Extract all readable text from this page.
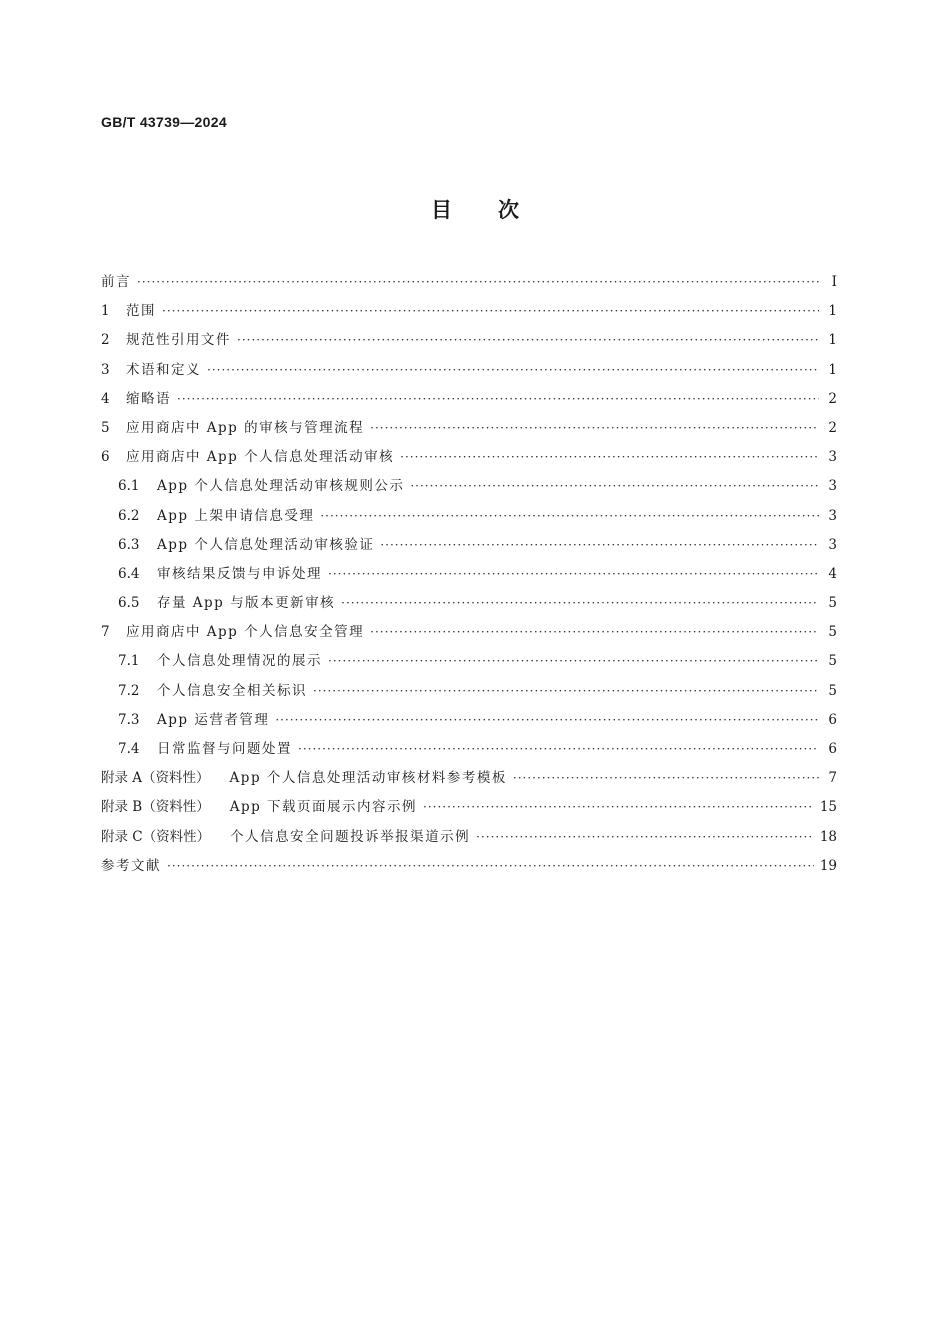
GB/T 43739—2024
目次
前言 ·····	Ⅰ
1	范围 ·····	1
2	规范性引用文件 ·····	1
3	术语和定义 ·····	1
4	缩略语 ·····	2
5	应用商店中 App 的审核与管理流程 ·····	2
6	应用商店中 App 个人信息处理活动审核 ·····	3
6.1	App 个人信息处理活动审核规则公示 ·····	3
6.2	App 上架申请信息受理 ·····	3
6.3	App 个人信息处理活动审核验证 ·····	3
6.4	审核结果反馈与申诉处理 ·····	4
6.5	存量 App 与版本更新审核 ·····	5
7	应用商店中 App 个人信息安全管理 ·····	5
7.1	个人信息处理情况的展示 ·····	5
7.2	个人信息安全相关标识 ·····	5
7.3	App 运营者管理 ·····	6
7.4	日常监督与问题处置 ·····	6
附录 A（资料性） App 个人信息处理活动审核材料参考模板 ·····	7
附录 B（资料性） App 下载页面展示内容示例 ·····	15
附录 C（资料性） 个人信息安全问题投诉举报渠道示例 ·····	18
参考文献 ·····	19
